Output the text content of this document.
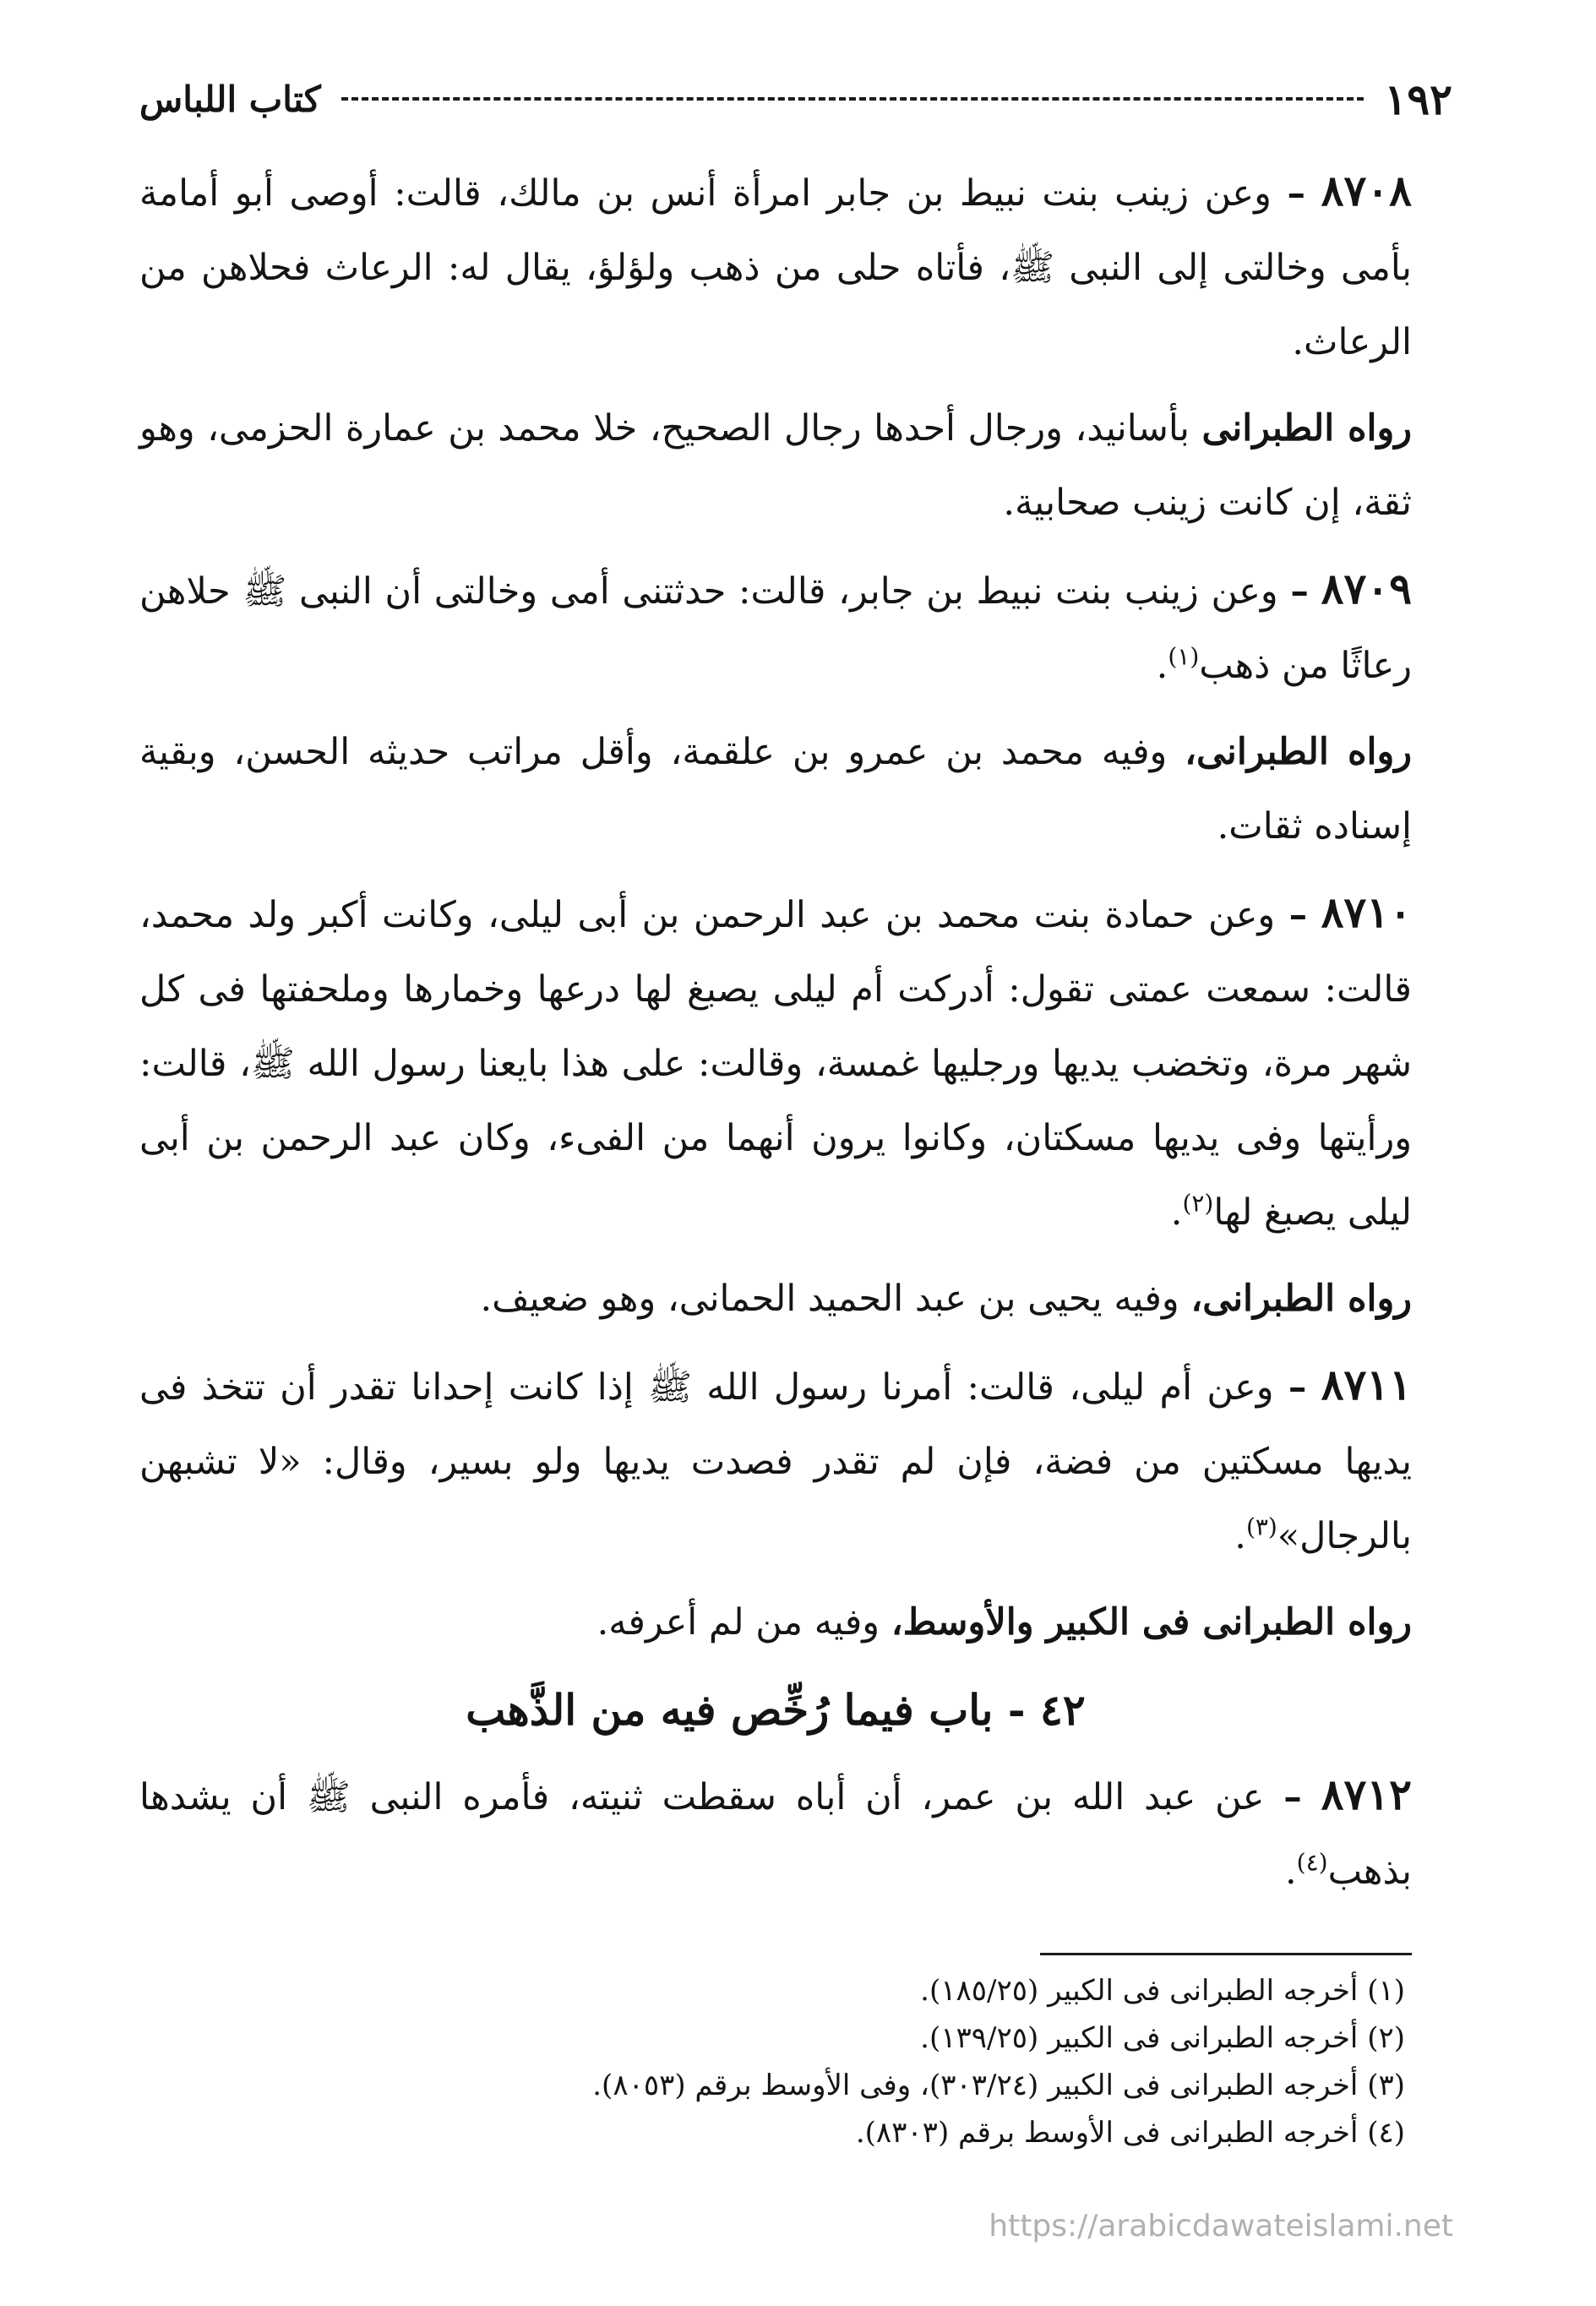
١٩٢
كتاب اللباس

٨٧٠٨ – وعن زينب بنت نبيط بن جابر امرأة أنس بن مالك، قالت: أوصى أبو أمامة بأمى وخالتى إلى النبى ﷺ، فأتاه حلى من ذهب ولؤلؤ، يقال له: الرعاث فحلاهن من الرعاث.

رواه الطبرانى بأسانيد، ورجال أحدها رجال الصحيح، خلا محمد بن عمارة الحزمى، وهو ثقة، إن كانت زينب صحابية.

٨٧٠٩ – وعن زينب بنت نبيط بن جابر، قالت: حدثتنى أمى وخالتى أن النبى ﷺ حلاهن رعاثًا من ذهب$^{(١)}$.

رواه الطبرانى، وفيه محمد بن عمرو بن علقمة، وأقل مراتب حديثه الحسن، وبقية إسناده ثقات.

٨٧١٠ – وعن حمادة بنت محمد بن عبد الرحمن بن أبى ليلى، وكانت أكبر ولد محمد، قالت: سمعت عمتى تقول: أدركت أم ليلى يصبغ لها درعها وخمارها وملحفتها فى كل شهر مرة، وتخضب يديها ورجليها غمسة، وقالت: على هذا بايعنا رسول الله ﷺ، قالت: ورأيتها وفى يديها مسكتان، وكانوا يرون أنهما من الفىء، وكان عبد الرحمن بن أبى ليلى يصبغ لها$^{(٢)}$.

رواه الطبرانى، وفيه يحيى بن عبد الحميد الحمانى، وهو ضعيف.

٨٧١١ – وعن أم ليلى، قالت: أمرنا رسول الله ﷺ إذا كانت إحدانا تقدر أن تتخذ فى يديها مسكتين من فضة، فإن لم تقدر فصدت يديها ولو بسير، وقال: «لا تشبهن بالرجال»$^{(٣)}$.

رواه الطبرانى فى الكبير والأوسط، وفيه من لم أعرفه.

٤٢ - باب فيما رُخِّص فيه من الذَّهب

٨٧١٢ – عن عبد الله بن عمر، أن أباه سقطت ثنيته، فأمره النبى ﷺ أن يشدها بذهب$^{(٤)}$.

(١) أخرجه الطبرانى فى الكبير (١٨٥/٢٥).

(٢) أخرجه الطبرانى فى الكبير (١٣٩/٢٥).

(٣) أخرجه الطبرانى فى الكبير (٣٠٣/٢٤)، وفى الأوسط برقم (٨٠٥٣).

(٤) أخرجه الطبرانى فى الأوسط برقم (٨٣٠٣).

https://arabicdawateislami.net
